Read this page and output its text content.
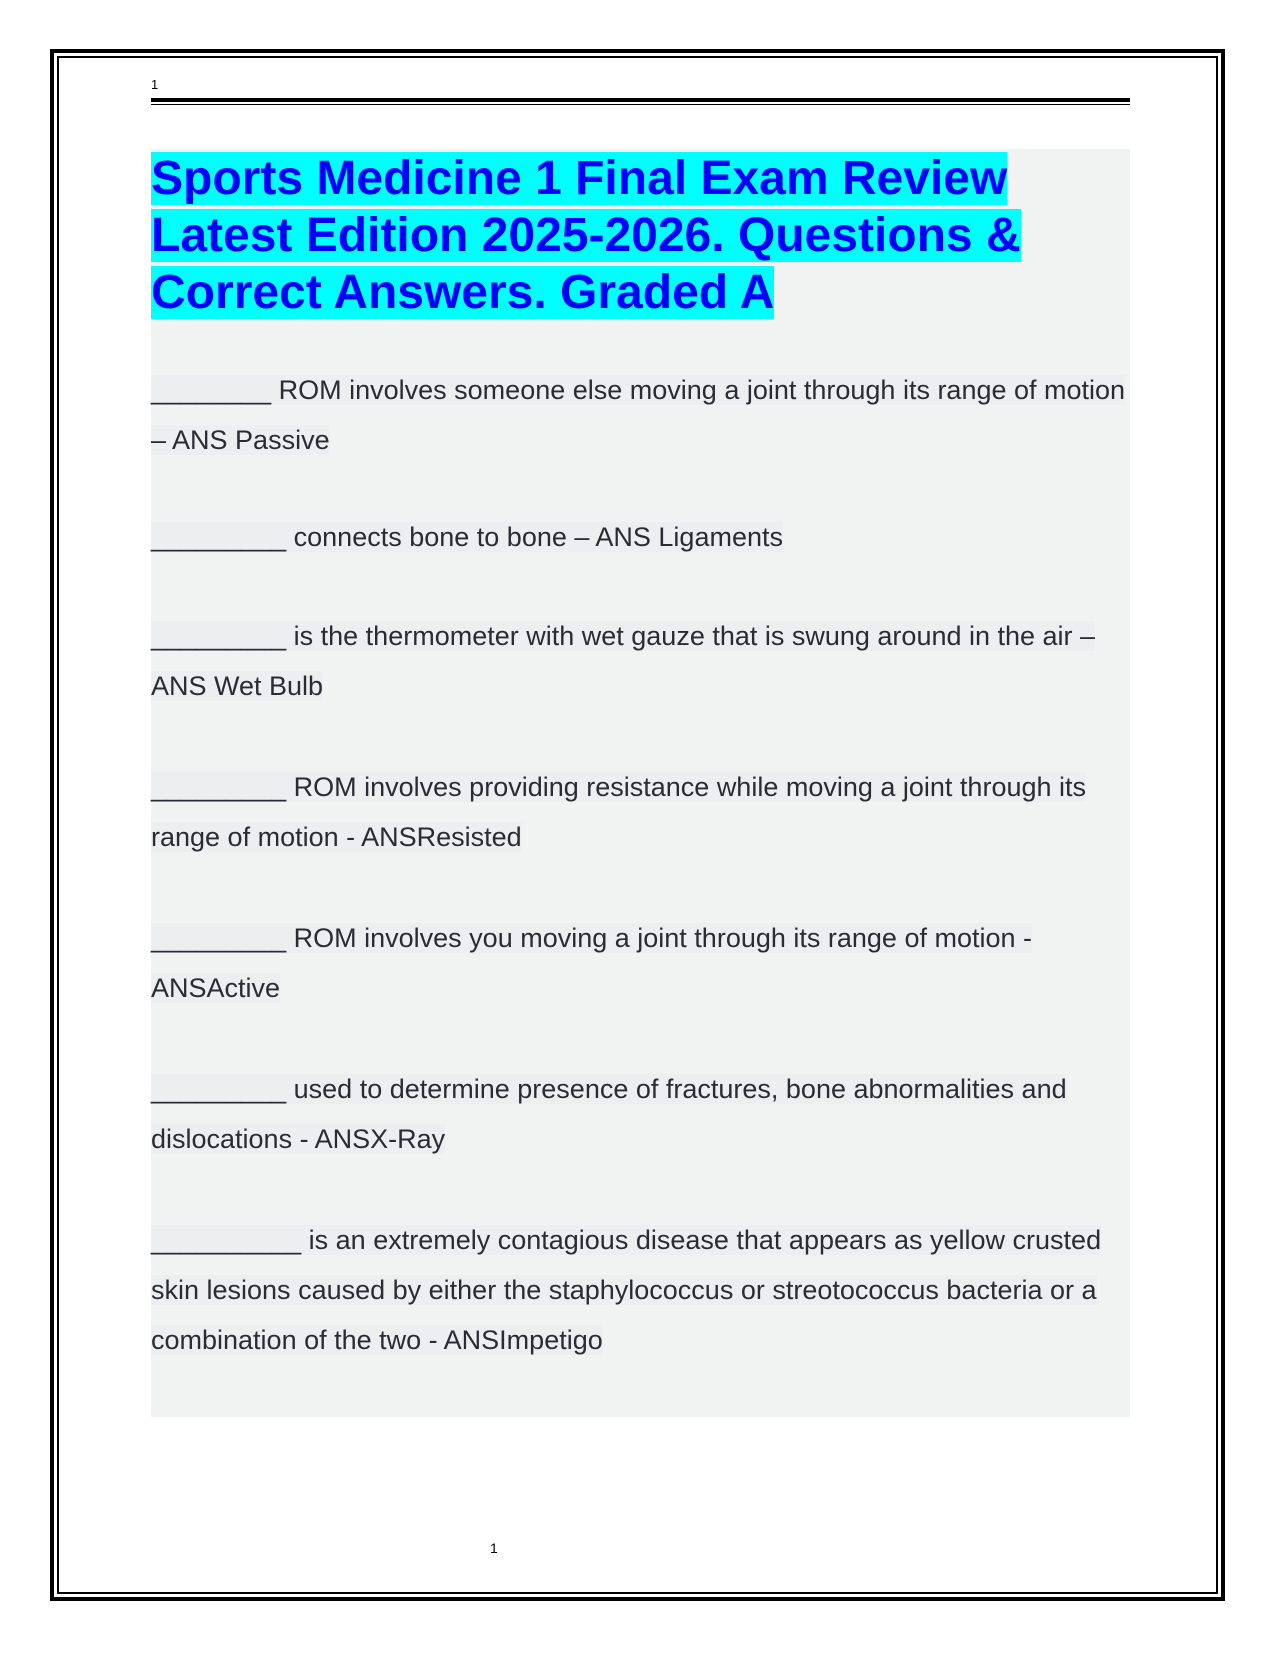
1
Sports Medicine 1 Final Exam Review Latest Edition 2025-2026. Questions & Correct Answers. Graded A

________ ROM involves someone else moving a joint through its range of motion – ANS Passive

_________ connects bone to bone – ANS Ligaments

_________ is the thermometer with wet gauze that is swung around in the air – ANS Wet Bulb

_________ ROM involves providing resistance while moving a joint through its range of motion - ANSResisted

_________ ROM involves you moving a joint through its range of motion - ANSActive

_________ used to determine presence of fractures, bone abnormalities and dislocations - ANSX-Ray

__________ is an extremely contagious disease that appears as yellow crusted skin lesions caused by either the staphylococcus or streotococcus bacteria or a combination of the two - ANSImpetigo

1
